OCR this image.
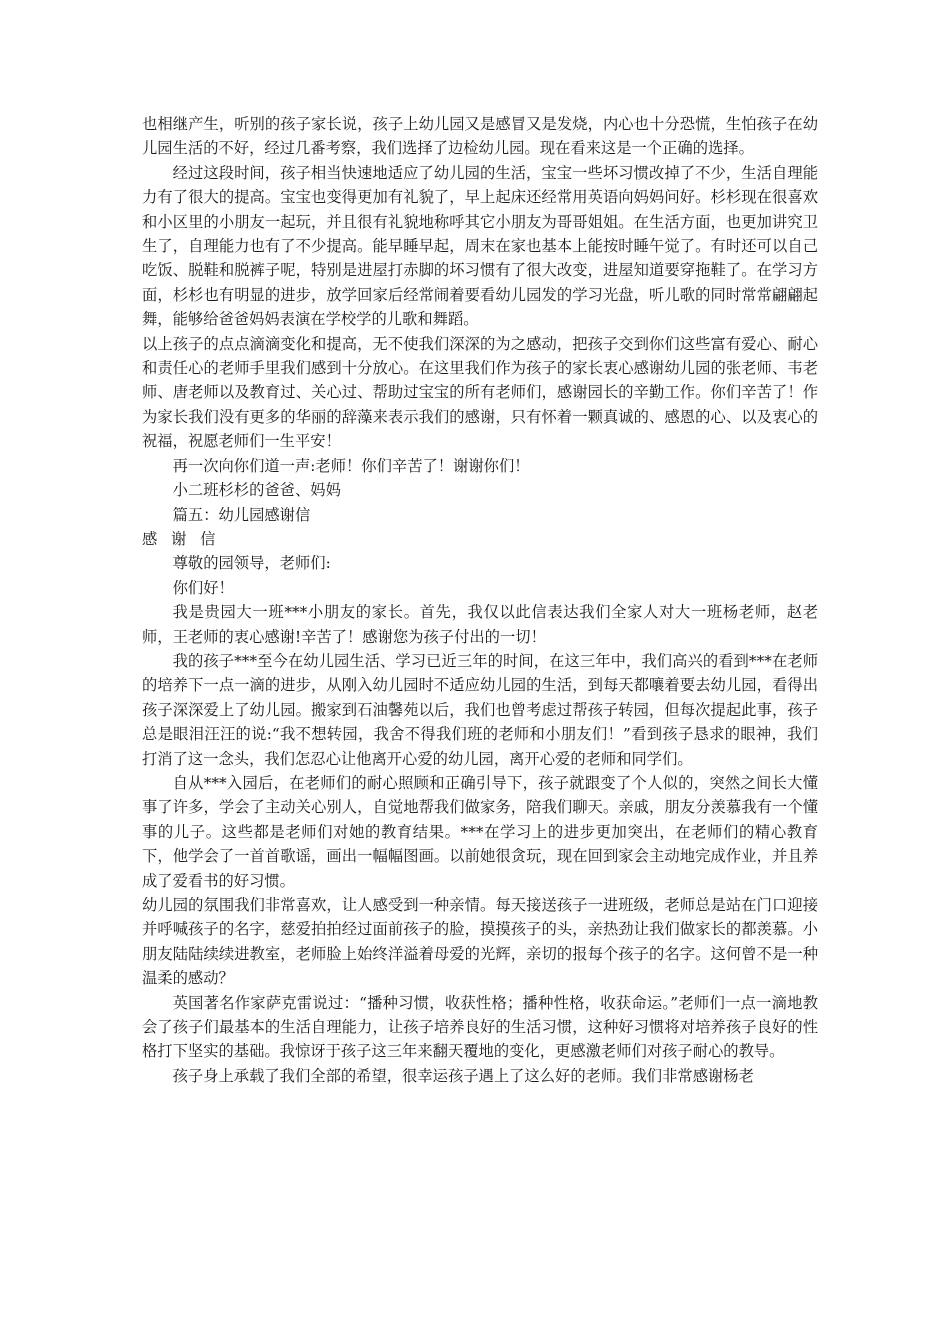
也相继产生，听别的孩子家长说，孩子上幼儿园又是感冒又是发烧，内心也十分恐慌，生怕孩子在幼儿园生活的不好，经过几番考察，我们选择了边检幼儿园。现在看来这是一个正确的选择。

经过这段时间，孩子相当快速地适应了幼儿园的生活，宝宝一些坏习惯改掉了不少，生活自理能力有了很大的提高。宝宝也变得更加有礼貌了，早上起床还经常用英语向妈妈问好。杉杉现在很喜欢和小区里的小朋友一起玩，并且很有礼貌地称呼其它小朋友为哥哥姐姐。在生活方面，也更加讲究卫生了，自理能力也有了不少提高。能早睡早起，周末在家也基本上能按时睡午觉了。有时还可以自己吃饭、脱鞋和脱裤子呢，特别是进屋打赤脚的坏习惯有了很大改变，进屋知道要穿拖鞋了。在学习方面，杉杉也有明显的进步，放学回家后经常闹着要看幼儿园发的学习光盘，听儿歌的同时常常翩翩起舞，能够给爸爸妈妈表演在学校学的儿歌和舞蹈。

以上孩子的点点滴滴变化和提高，无不使我们深深的为之感动，把孩子交到你们这些富有爱心、耐心和责任心的老师手里我们感到十分放心。在这里我们作为孩子的家长衷心感谢幼儿园的张老师、韦老师、唐老师以及教育过、关心过、帮助过宝宝的所有老师们，感谢园长的辛勤工作。你们辛苦了！作为家长我们没有更多的华丽的辞藻来表示我们的感谢，只有怀着一颗真诚的、感恩的心、以及衷心的祝福，祝愿老师们一生平安！

再一次向你们道一声:老师！你们辛苦了！谢谢你们！

小二班杉杉的爸爸、妈妈

篇五：幼儿园感谢信

感谢信

尊敬的园领导，老师们:

你们好！

我是贵园大一班***小朋友的家长。首先，我仅以此信表达我们全家人对大一班杨老师，赵老师，王老师的衷心感谢!辛苦了！感谢您为孩子付出的一切！

我的孩子***至今在幼儿园生活、学习已近三年的时间，在这三年中，我们高兴的看到***在老师的培养下一点一滴的进步，从刚入幼儿园时不适应幼儿园的生活，到每天都嚷着要去幼儿园，看得出孩子深深爱上了幼儿园。搬家到石油馨苑以后，我们也曾考虑过帮孩子转园，但每次提起此事，孩子总是眼泪汪汪的说:“我不想转园，我舍不得我们班的老师和小朋友们！”看到孩子恳求的眼神，我们打消了这一念头，我们怎忍心让他离开心爱的幼儿园，离开心爱的老师和同学们。

自从***入园后，在老师们的耐心照顾和正确引导下，孩子就跟变了个人似的，突然之间长大懂事了许多，学会了主动关心别人，自觉地帮我们做家务，陪我们聊天。亲戚，朋友分羡慕我有一个懂事的儿子。这些都是老师们对她的教育结果。***在学习上的进步更加突出，在老师们的精心教育下，他学会了一首首歌谣，画出一幅幅图画。以前她很贪玩，现在回到家会主动地完成作业，并且养成了爱看书的好习惯。

幼儿园的氛围我们非常喜欢，让人感受到一种亲情。每天接送孩子一进班级，老师总是站在门口迎接并呼喊孩子的名字，慈爱拍拍经过面前孩子的脸，摸摸孩子的头，亲热劲让我们做家长的都羡慕。小朋友陆陆续续进教室，老师脸上始终洋溢着母爱的光辉，亲切的报每个孩子的名字。这何曾不是一种温柔的感动？

英国著名作家萨克雷说过：“播种习惯，收获性格；播种性格，收获命运。”老师们一点一滴地教会了孩子们最基本的生活自理能力，让孩子培养良好的生活习惯，这种好习惯将对培养孩子良好的性格打下坚实的基础。我惊讶于孩子这三年来翻天覆地的变化，更感激老师们对孩子耐心的教导。

孩子身上承载了我们全部的希望，很幸运孩子遇上了这么好的老师。我们非常感谢杨老
